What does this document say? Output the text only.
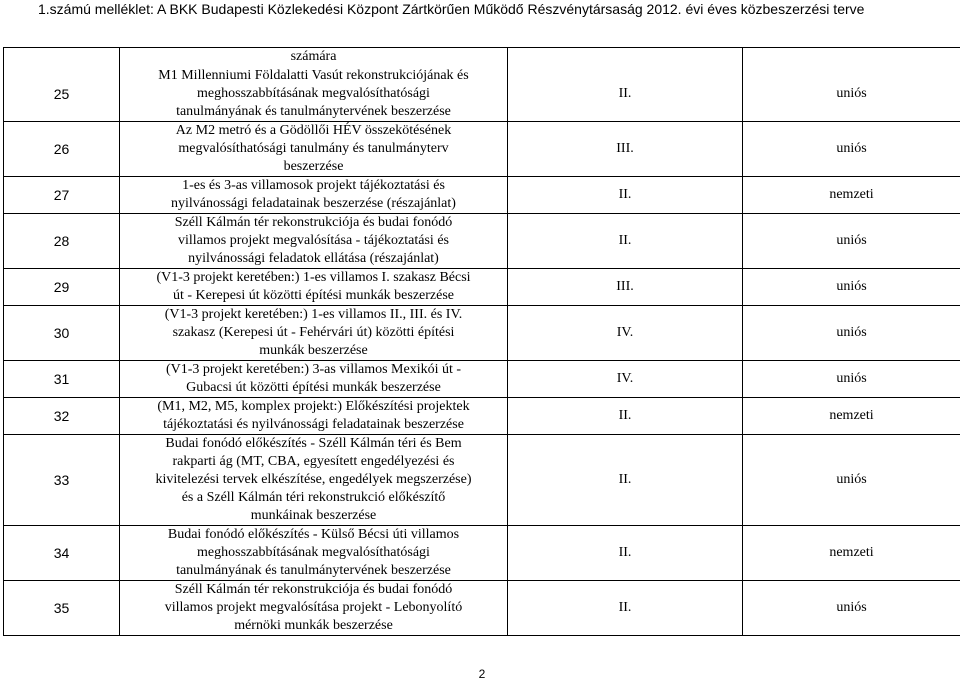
1.számú melléklet: A BKK Budapesti Közlekedési Központ Zártkörűen Működő Részvénytársaság 2012. évi éves közbeszerzési terve
	számára		
25	M1 Millenniumi Földalatti Vasút rekonstrukciójának és
meghosszabbításának megvalósíthatósági
tanulmányának és tanulmánytervének beszerzése	II.	uniós
26	Az M2 metró és a Gödöllői HÉV összekötésének
megvalósíthatósági tanulmány és tanulmányterv
beszerzése	III.	uniós
27	1-es és 3-as villamosok projekt tájékoztatási és
nyilvánossági feladatainak beszerzése (részajánlat)	II.	nemzeti
28	Széll Kálmán tér rekonstrukciója és budai fonódó
villamos projekt megvalósítása - tájékoztatási és
nyilvánossági feladatok ellátása (részajánlat)	II.	uniós
29	(V1-3 projekt keretében:) 1-es villamos I. szakasz Bécsi
út - Kerepesi út közötti építési munkák beszerzése	III.	uniós
30	(V1-3 projekt keretében:) 1-es villamos II., III. és IV.
szakasz (Kerepesi út - Fehérvári út) közötti építési
munkák beszerzése	IV.	uniós
31	(V1-3 projekt keretében:) 3-as villamos Mexikói út -
Gubacsi út közötti építési munkák beszerzése	IV.	uniós
32	(M1, M2, M5, komplex projekt:) Előkészítési projektek
tájékoztatási és nyilvánossági feladatainak beszerzése	II.	nemzeti
33	Budai fonódó előkészítés - Széll Kálmán téri és Bem
rakparti ág (MT, CBA, egyesített engedélyezési és
kivitelezési tervek elkészítése, engedélyek megszerzése)
és a Széll Kálmán téri rekonstrukció előkészítő
munkáinak beszerzése	II.	uniós
34	Budai fonódó előkészítés - Külső Bécsi úti villamos
meghosszabbításának megvalósíthatósági
tanulmányának és tanulmánytervének beszerzése	II.	nemzeti
35	Széll Kálmán tér rekonstrukciója és budai fonódó
villamos projekt megvalósítása projekt - Lebonyolító
mérnöki munkák beszerzése	II.	uniós
2
